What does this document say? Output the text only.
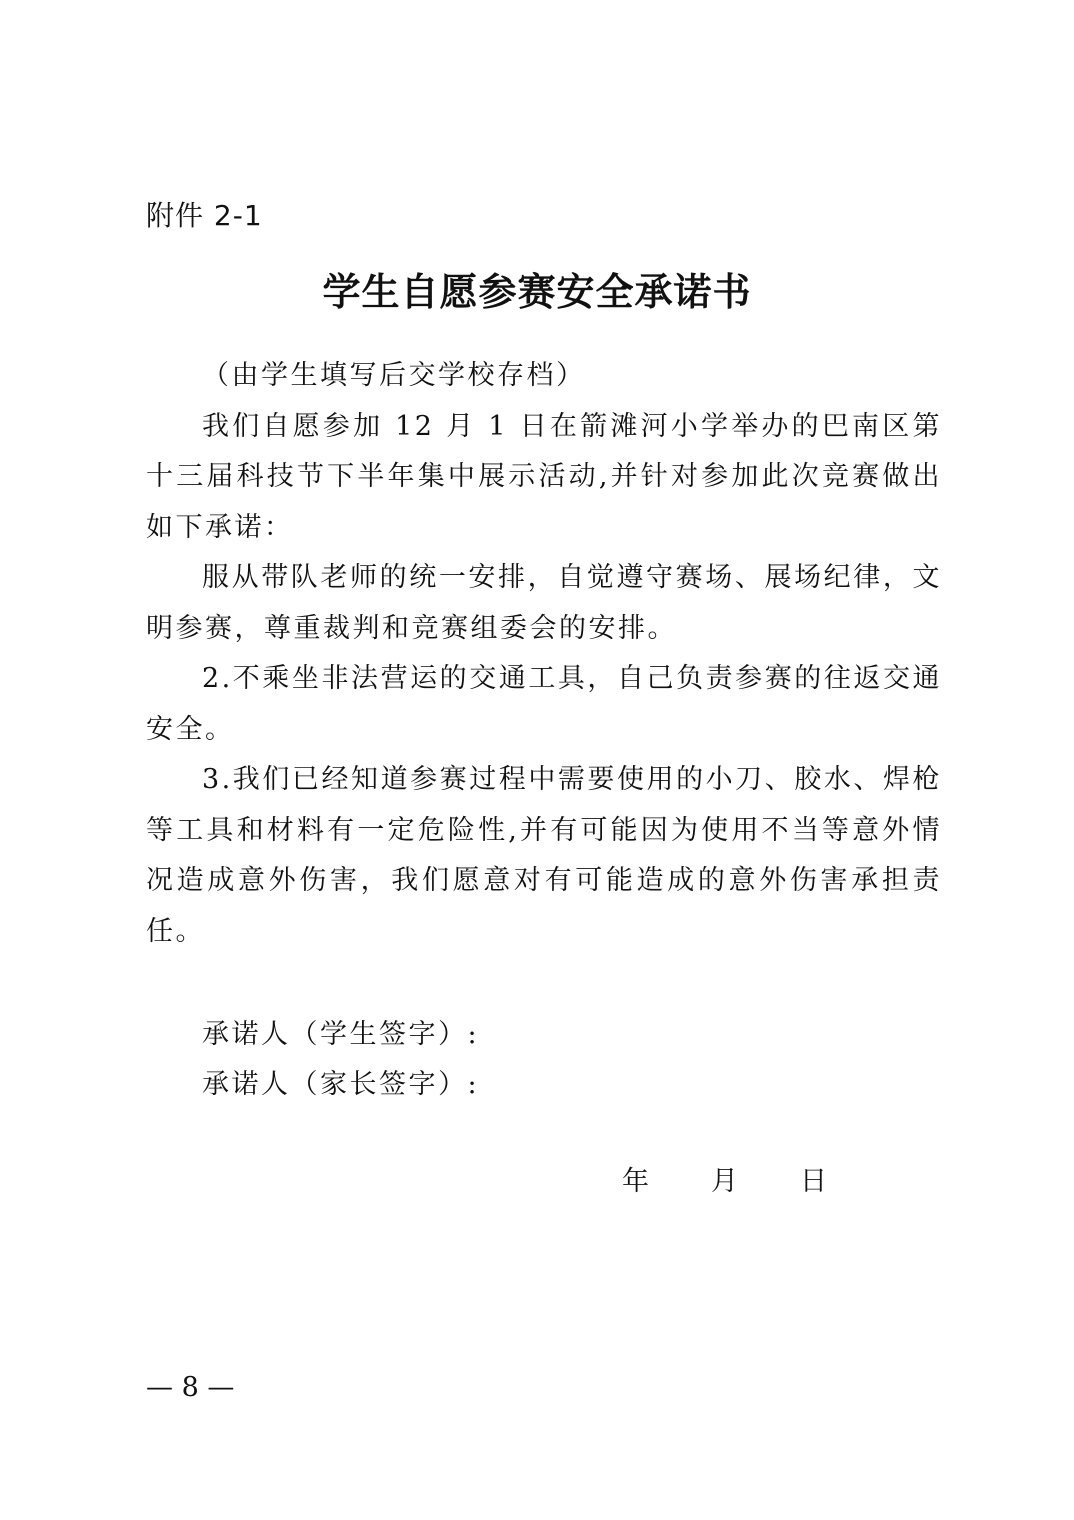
附件 2-1
学生自愿参赛安全承诺书

（由学生填写后交学校存档）

我们自愿参加 12 月 1 日在箭滩河小学举办的巴南区第十三届科技节下半年集中展示活动,并针对参加此次竞赛做出如下承诺：

服从带队老师的统一安排，自觉遵守赛场、展场纪律，文明参赛，尊重裁判和竞赛组委会的安排。

2.不乘坐非法营运的交通工具，自己负责参赛的往返交通安全。

3.我们已经知道参赛过程中需要使用的小刀、胶水、焊枪等工具和材料有一定危险性,并有可能因为使用不当等意外情况造成意外伤害，我们愿意对有可能造成的意外伤害承担责任。

承诺人（学生签字）:
承诺人（家长签字）:
年 月 日
— 8 —
